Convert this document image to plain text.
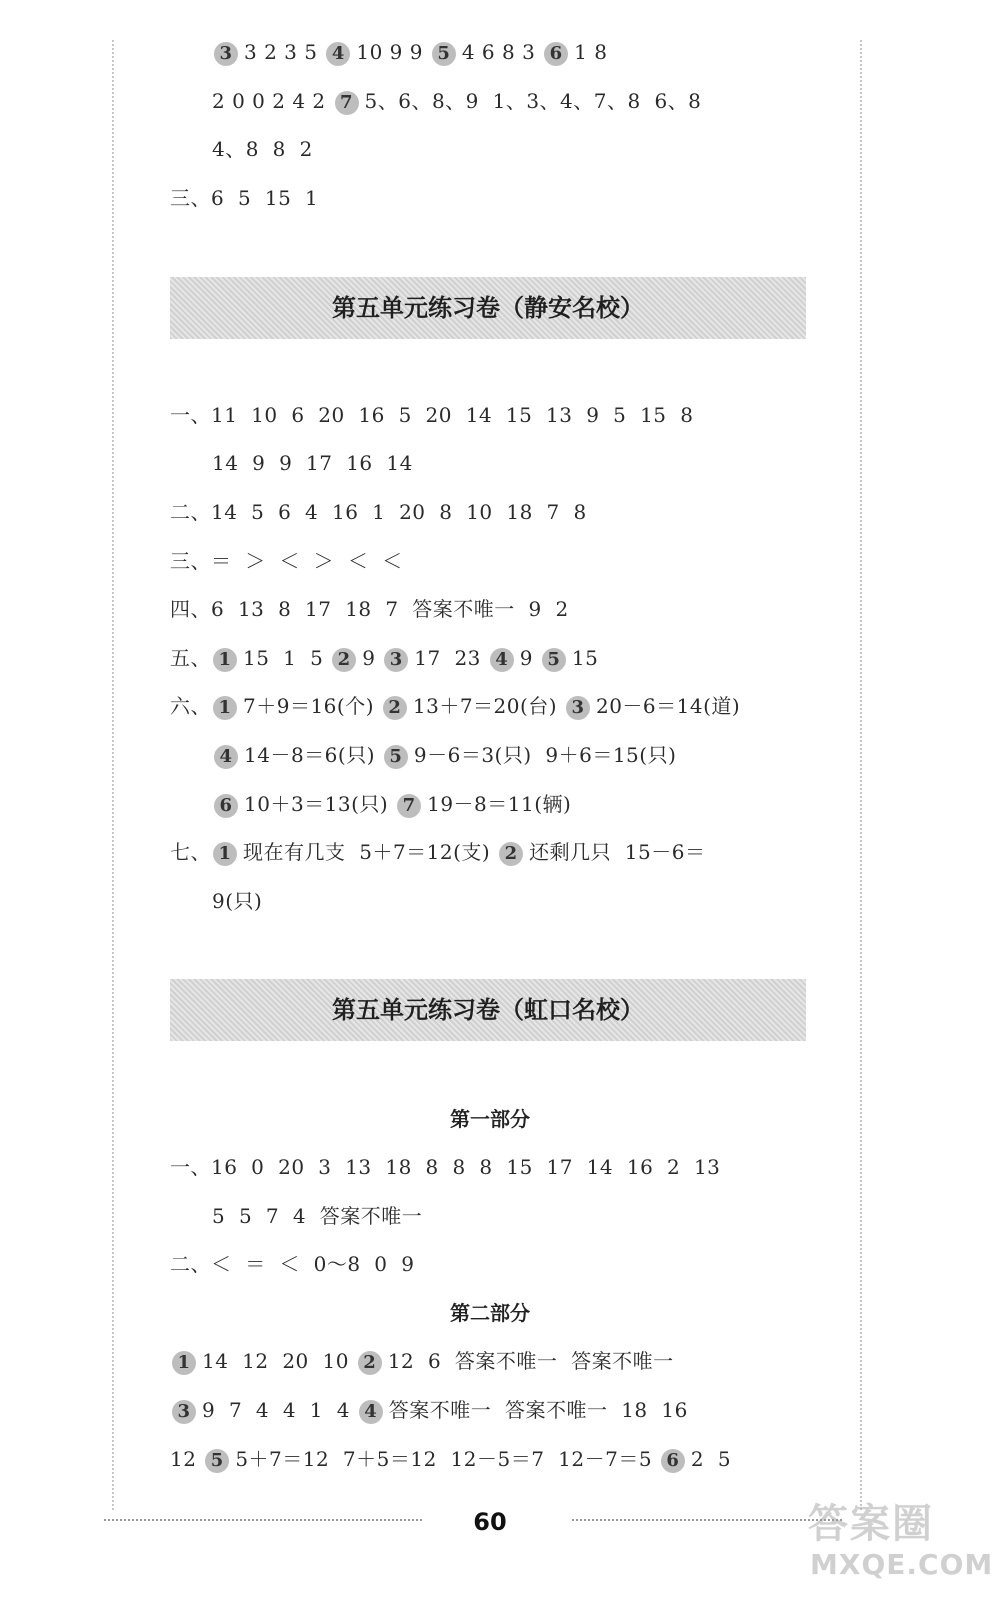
3 3 2 3 5 4 10 9 9 5 4 6 8 3 6 1 8
2 0 0 2 4 2 7 5、6、8、9  1、3、4、7、8  6、8
4、8  8  2
三、6  5  15  1
第五单元练习卷（静安名校）
一、11  10  6  20  16  5  20  14  15  13  9  5  15  8
14  9  9  17  16  14
二、14  5  6  4  16  1  20  8  10  18  7  8
三、＝  ＞  ＜  ＞  ＜  ＜
四、6  13  8  17  18  7  答案不唯一  9  2
五、 1 15  1  5 2 9 3 17  23 4 9 5 15
六、 1 7＋9＝16(个) 2 13＋7＝20(台) 3 20－6＝14(道)
4 14－8＝6(只) 5 9－6＝3(只)  9＋6＝15(只)
6 10＋3＝13(只) 7 19－8＝11(辆)
七、 1 现在有几支  5＋7＝12(支) 2 还剩几只  15－6＝
9(只)
第五单元练习卷（虹口名校）
第一部分
一、16  0  20  3  13  18  8  8  8  15  17  14  16  2  13
5  5  7  4  答案不唯一
二、＜  ＝  ＜  0～8  0  9
第二部分
1 14  12  20  10 2 12  6  答案不唯一  答案不唯一
3 9  7  4  4  1  4 4 答案不唯一  答案不唯一  18  16
12 5 5＋7＝12  7＋5＝12  12－5＝7  12－7＝5 6 2  5
60	答案圈
MXQE.COM
